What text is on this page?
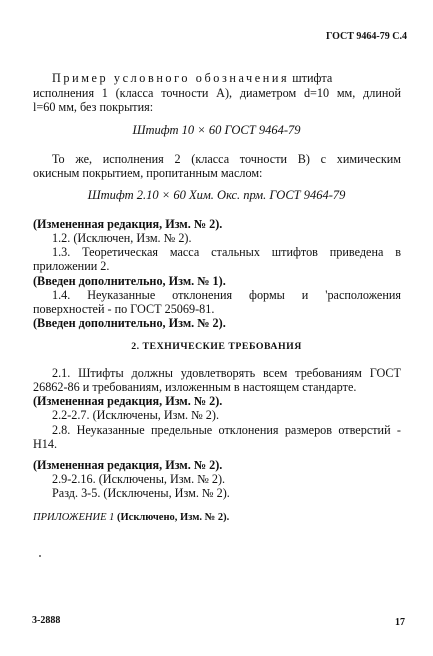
ГОСТ 9464-79 С.4
Пример условного обозначения штифта
исполнения 1 (класса точности А), диаметром d=10 мм, длиной
l=60 мм, без покрытия:
Штифт 10 × 60 ГОСТ 9464-79
То же, исполнения 2 (класса точности В) с химическим
окисным покрытием, пропитанным маслом:
Штифт 2.10 × 60 Хим. Окс. прм. ГОСТ 9464-79
(Измененная редакция, Изм. № 2).
1.2. (Исключен, Изм. № 2).
1.3. Теоретическая масса стальных штифтов приведена в
приложении 2.
(Введен дополнительно, Изм. № 1).
1.4. Неуказанные отклонения формы и 'расположения
поверхностей - по ГОСТ 25069-81.
(Введен дополнительно, Изм. № 2).
2. ТЕХНИЧЕСКИЕ ТРЕБОВАНИЯ
2.1. Штифты должны удовлетворять всем требованиям ГОСТ
26862-86 и требованиям, изложенным в настоящем стандарте.
(Измененная редакция, Изм. № 2).
2.2-2.7. (Исключены, Изм. № 2).
2.8. Неуказанные предельные отклонения размеров отверстий -
Н14.
(Измененная редакция, Изм. № 2).
2.9-2.16. (Исключены, Изм. № 2).
Разд. 3-5. (Исключены, Изм. № 2).
ПРИЛОЖЕНИЕ 1 (Исключено, Изм. № 2).
3-2888	17
